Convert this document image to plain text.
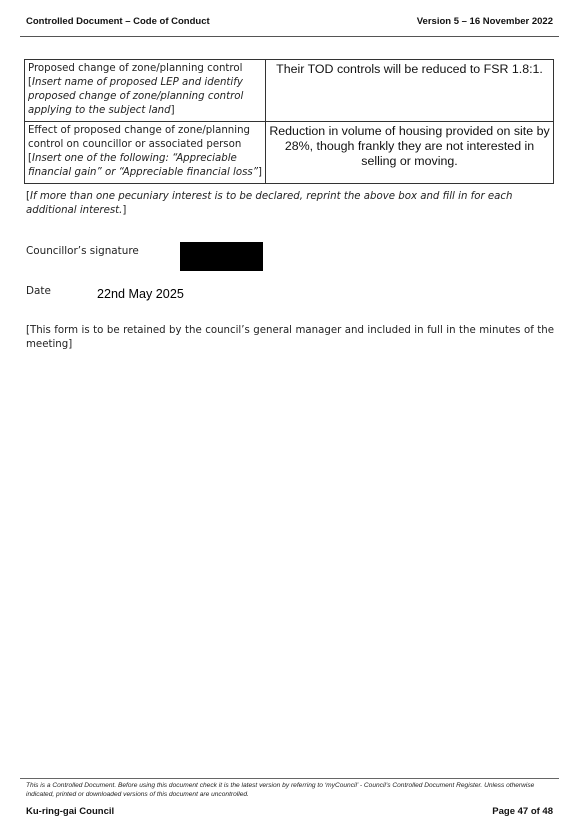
Controlled Document – Code of Conduct	Version 5 – 16 November 2022
Proposed change of zone/planning control
[Insert name of proposed LEP and identify proposed change of zone/planning control applying to the subject land]	Their TOD controls will be reduced to FSR 1.8:1.
Effect of proposed change of zone/planning control on councillor or associated person
[Insert one of the following: “Appreciable financial gain” or “Appreciable financial loss”]	Reduction in volume of housing provided on site by 28%, though frankly they are not interested in selling or moving.
[If more than one pecuniary interest is to be declared, reprint the above box and fill in for each additional interest.]
Councillor’s signature
Date	22nd May 2025
[This form is to be retained by the council’s general manager and included in full in the minutes of the meeting]
This is a Controlled Document. Before using this document check it is the latest version by referring to ‘myCouncil’ - Council’s Controlled Document Register. Unless otherwise indicated, printed or downloaded versions of this document are uncontrolled.
Ku-ring-gai Council	Page 47 of 48
